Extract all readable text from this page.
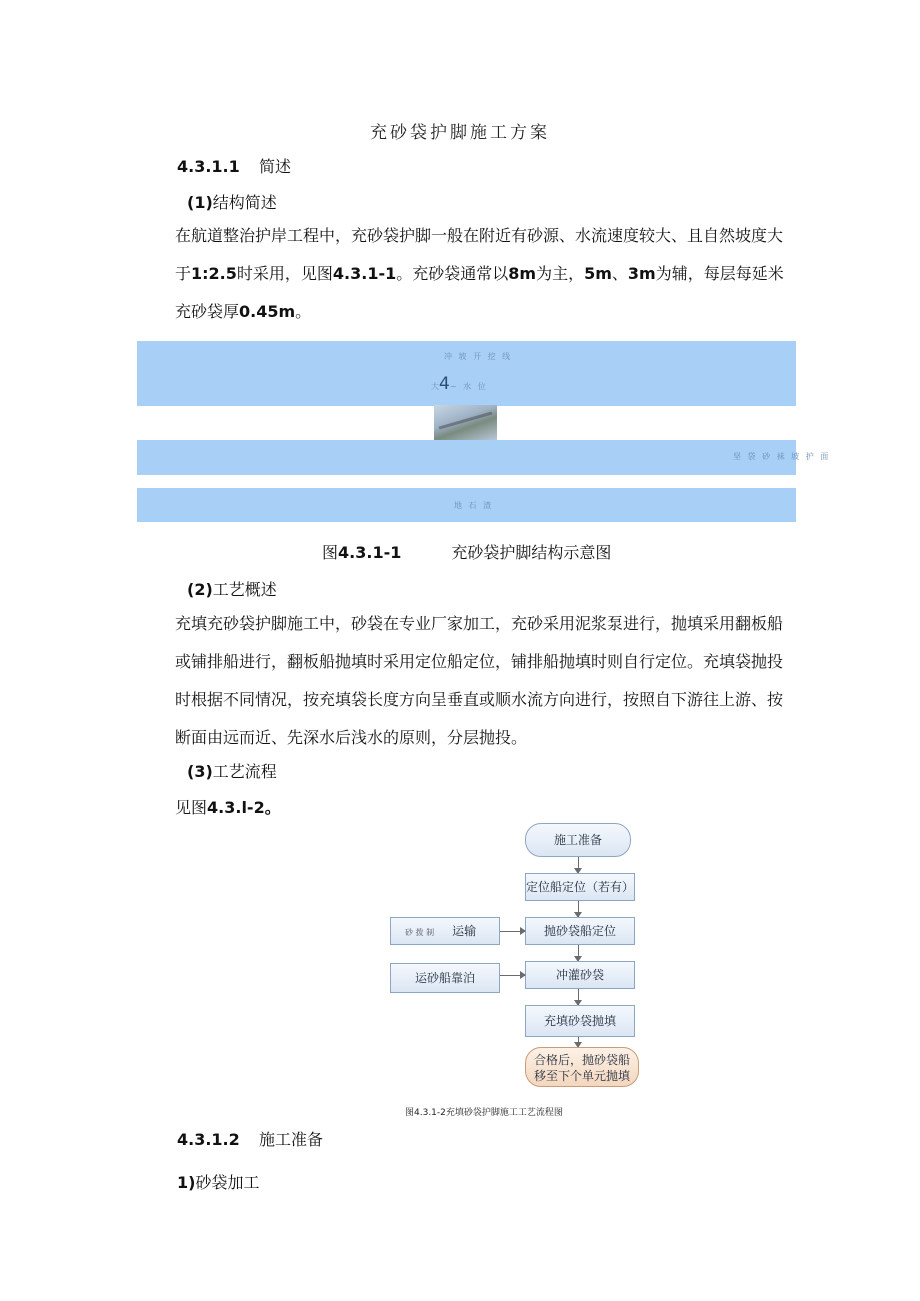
充砂袋护脚施工方案
4.3.1.1 简述
(1)结构简述

在航道整治护岸工程中，充砂袋护脚一般在附近有砂源、水流速度较大、且自然坡度大于1:2.5时采用，见图4.3.1-1。充砂袋通常以8m为主，5m、3m为辅，每层每延米充砂袋厚0.45m。

冲 坡 开 挖 线
大4~ 水 位
坚 袋 砂 袜 坡 护 面
地 石 渣
图4.3.1-1	充砂袋护脚结构示意图
(2)工艺概述

充填充砂袋护脚施工中，砂袋在专业厂家加工，充砂采用泥浆泵进行，抛填采用翻板船或铺排船进行，翻板船抛填时采用定位船定位，铺排船抛填时则自行定位。充填袋抛投时根据不同情况，按充填袋长度方向呈垂直或顺水流方向进行，按照自下游往上游、按断面由远而近、先深水后浅水的原则，分层抛投。

(3)工艺流程
见图4.3.l-2。
施工准备
定位船定位（若有）
抛砂袋船定位
冲灌砂袋
充填砂袋抛填
合格后，抛砂袋船
移至下个单元抛填
砂 拨 制 运输
运砂船靠泊
图4.3.1-2充填砂袋护脚施工工艺流程图
4.3.1.2 施工准备
1)砂袋加工
